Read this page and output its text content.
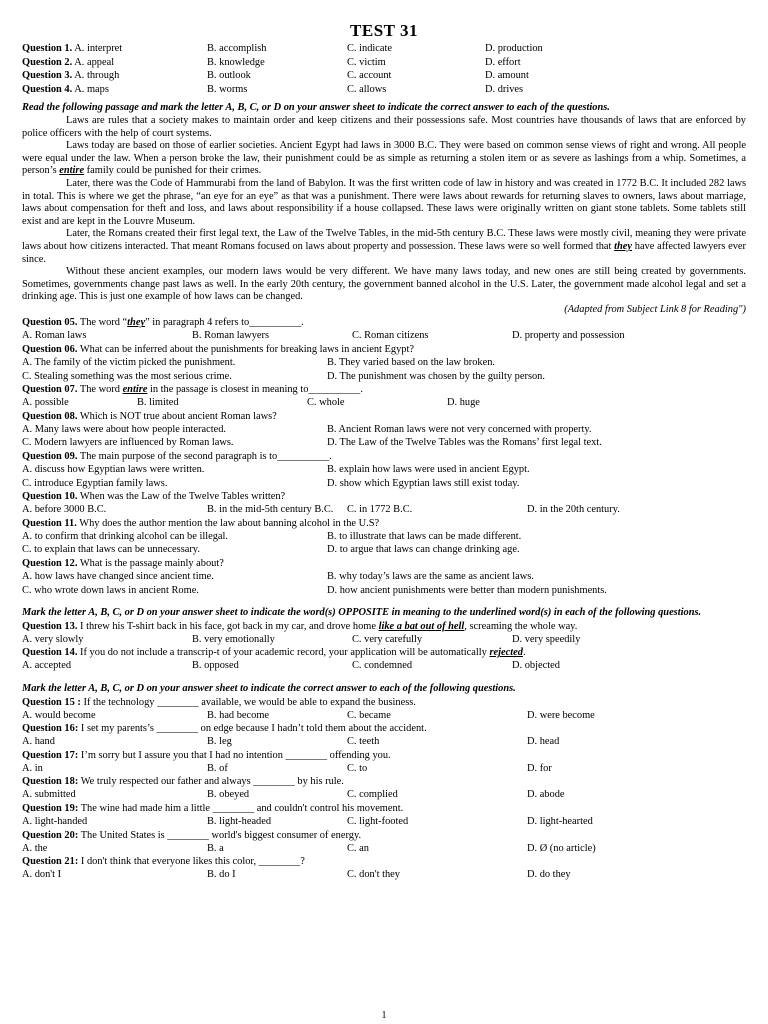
TEST 31
Question 1. A. interpret	B. accomplish	C. indicate	D. production
Question 2. A. appeal	B. knowledge	C. victim	D. effort
Question 3. A. through	B. outlook	C. account	D. amount
Question 4. A. maps	B. worms	C. allows	D. drives
Read the following passage and mark the letter A, B, C, or D on your answer sheet to indicate the correct answer to each of the questions.

Laws are rules that a society makes to maintain order and keep citizens and their possessions safe. Most countries have thousands of laws that are enforced by police officers with the help of court systems.

Laws today are based on those of earlier societies. Ancient Egypt had laws in 3000 B.C. They were based on common sense views of right and wrong. All people were equal under the law. When a person broke the law, their punishment could be as simple as returning a stolen item or as severe as lashings from a whip. Sometimes, a person’s entire family could be punished for their crimes.

Later, there was the Code of Hammurabi from the land of Babylon. It was the first written code of law in history and was created in 1772 B.C. It included 282 laws in total. This is where we get the phrase, “an eye for an eye” as that was a punishment. There were laws about rewards for returning slaves to owners, laws about marriage, laws about compensation for theft and loss, and laws about responsibility if a house collapsed. These laws were originally written on giant stone tablets. Some tablets still exist and are kept in the Louvre Museum.

Later, the Romans created their first legal text, the Law of the Twelve Tables, in the mid-5th century B.C. These laws were mostly civil, meaning they were private laws about how citizens interacted. That meant Romans focused on laws about property and possession. These laws were so well formed that they have affected lawyers ever since.

Without these ancient examples, our modern laws would be very different. We have many laws today, and new ones are still being created by governments. Sometimes, governments change past laws as well. In the early 20th century, the government banned alcohol in the U.S. Later, the government made alcohol legal and set a drinking age. This is just one example of how laws can be changed.

(Adapted from Subject Link 8 for Reading")
Question 05. The word “they” in paragraph 4 refers to__________.
A. Roman laws	B. Roman lawyers	C. Roman citizens	D. property and possession
Question 06. What can be inferred about the punishments for breaking laws in ancient Egypt?
A. The family of the victim picked the punishment.	B. They varied based on the law broken.
C. Stealing something was the most serious crime.	D. The punishment was chosen by the guilty person.
Question 07. The word entire in the passage is closest in meaning to__________.
A. possible	B. limited	C. whole	D. huge
Question 08. Which is NOT true about ancient Roman laws?
A. Many laws were about how people interacted.	B. Ancient Roman laws were not very concerned with property.
C. Modern lawyers are influenced by Roman laws.	D. The Law of the Twelve Tables was the Romans’ first legal text.
Question 09. The main purpose of the second paragraph is to__________.
A. discuss how Egyptian laws were written.	B. explain how laws were used in ancient Egypt.
C. introduce Egyptian family laws.	D. show which Egyptian laws still exist today.
Question 10. When was the Law of the Twelve Tables written?
A. before 3000 B.C.	B. in the mid-5th century B.C.	C. in 1772 B.C.	D. in the 20th century.
Question 11. Why does the author mention the law about banning alcohol in the U.S?
A. to confirm that drinking alcohol can be illegal.	B. to illustrate that laws can be made different.
C. to explain that laws can be unnecessary.	D. to argue that laws can change drinking age.
Question 12. What is the passage mainly about?
A. how laws have changed since ancient time.	B. why today’s laws are the same as ancient laws.
C. who wrote down laws in ancient Rome.	D. how ancient punishments were better than modern punishments.
Mark the letter A, B, C, or D on your answer sheet to indicate the word(s) OPPOSITE in meaning to the underlined word(s) in each of the following questions.
Question 13. I threw his T-shirt back in his face, got back in my car, and drove home like a bat out of hell, screaming the whole way.
A. very slowly	B. very emotionally	C. very carefully	D. very speedily
Question 14. If you do not include a transcrip-t of your academic record, your application will be automatically rejected.
A. accepted	B. opposed	C. condemned	D. objected
Mark the letter A, B, C, or D on your answer sheet to indicate the correct answer to each of the following questions.
Question 15 : If the technology ________ available, we would be able to expand the business.
A. would become	B. had become	C. became	D. were become
Question 16: I set my parents’s ________ on edge because I hadn’t told them about the accident.
A. hand	B. leg	C. teeth	D. head
Question 17: I’m sorry but I assure you that I had no intention ________ offending you.
A. in	B. of	C. to	D. for
Question 18: We truly respected our father and always ________ by his rule.
A. submitted	B. obeyed	C. complied	D. abode
Question 19: The wine had made him a little ________ and couldn't control his movement.
A. light-handed	B. light-headed	C. light-footed	D. light-hearted
Question 20: The United States is ________ world's biggest consumer of energy.
A. the	B. a	C. an	D. Ø (no article)
Question 21: I don't think that everyone likes this color, ________?
A. don't I	B. do I	C. don't they	D. do they
1
